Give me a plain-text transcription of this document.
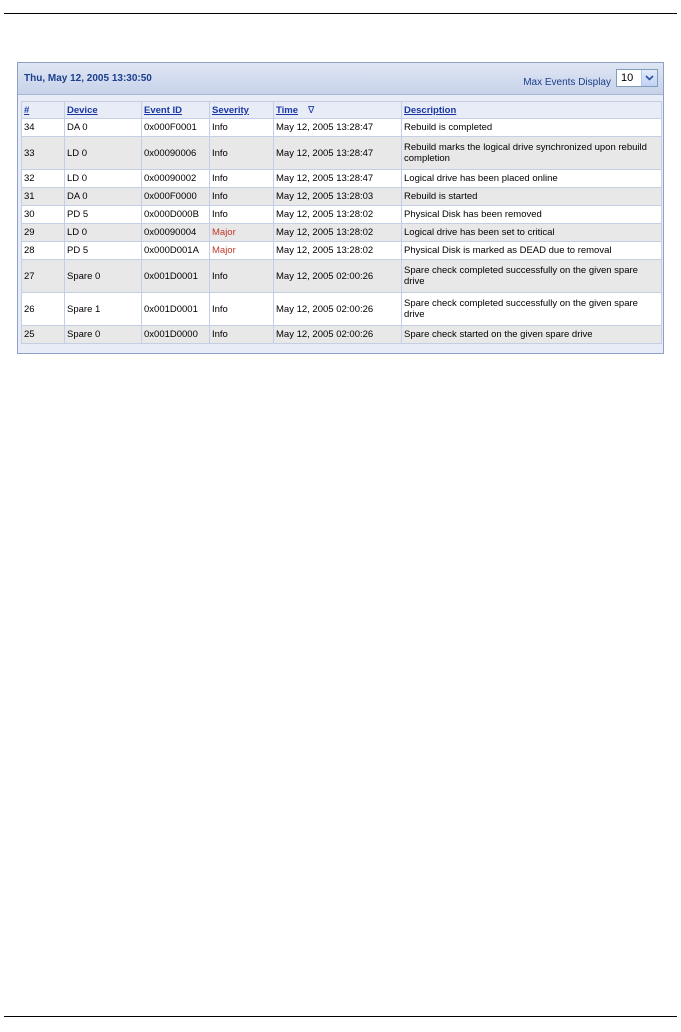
Thu, May 12, 2005 13:30:50	Max Events Display 10
#	Device	Event ID	Severity	Time ∇	Description
34	DA 0	0x000F0001	Info	May 12, 2005 13:28:47	Rebuild is completed
33	LD 0	0x00090006	Info	May 12, 2005 13:28:47	Rebuild marks the logical drive synchronized upon rebuild completion
32	LD 0	0x00090002	Info	May 12, 2005 13:28:47	Logical drive has been placed online
31	DA 0	0x000F0000	Info	May 12, 2005 13:28:03	Rebuild is started
30	PD 5	0x000D000B	Info	May 12, 2005 13:28:02	Physical Disk has been removed
29	LD 0	0x00090004	Major	May 12, 2005 13:28:02	Logical drive has been set to critical
28	PD 5	0x000D001A	Major	May 12, 2005 13:28:02	Physical Disk is marked as DEAD due to removal
27	Spare 0	0x001D0001	Info	May 12, 2005 02:00:26	Spare check completed successfully on the given spare drive
26	Spare 1	0x001D0001	Info	May 12, 2005 02:00:26	Spare check completed successfully on the given spare drive
25	Spare 0	0x001D0000	Info	May 12, 2005 02:00:26	Spare check started on the given spare drive
